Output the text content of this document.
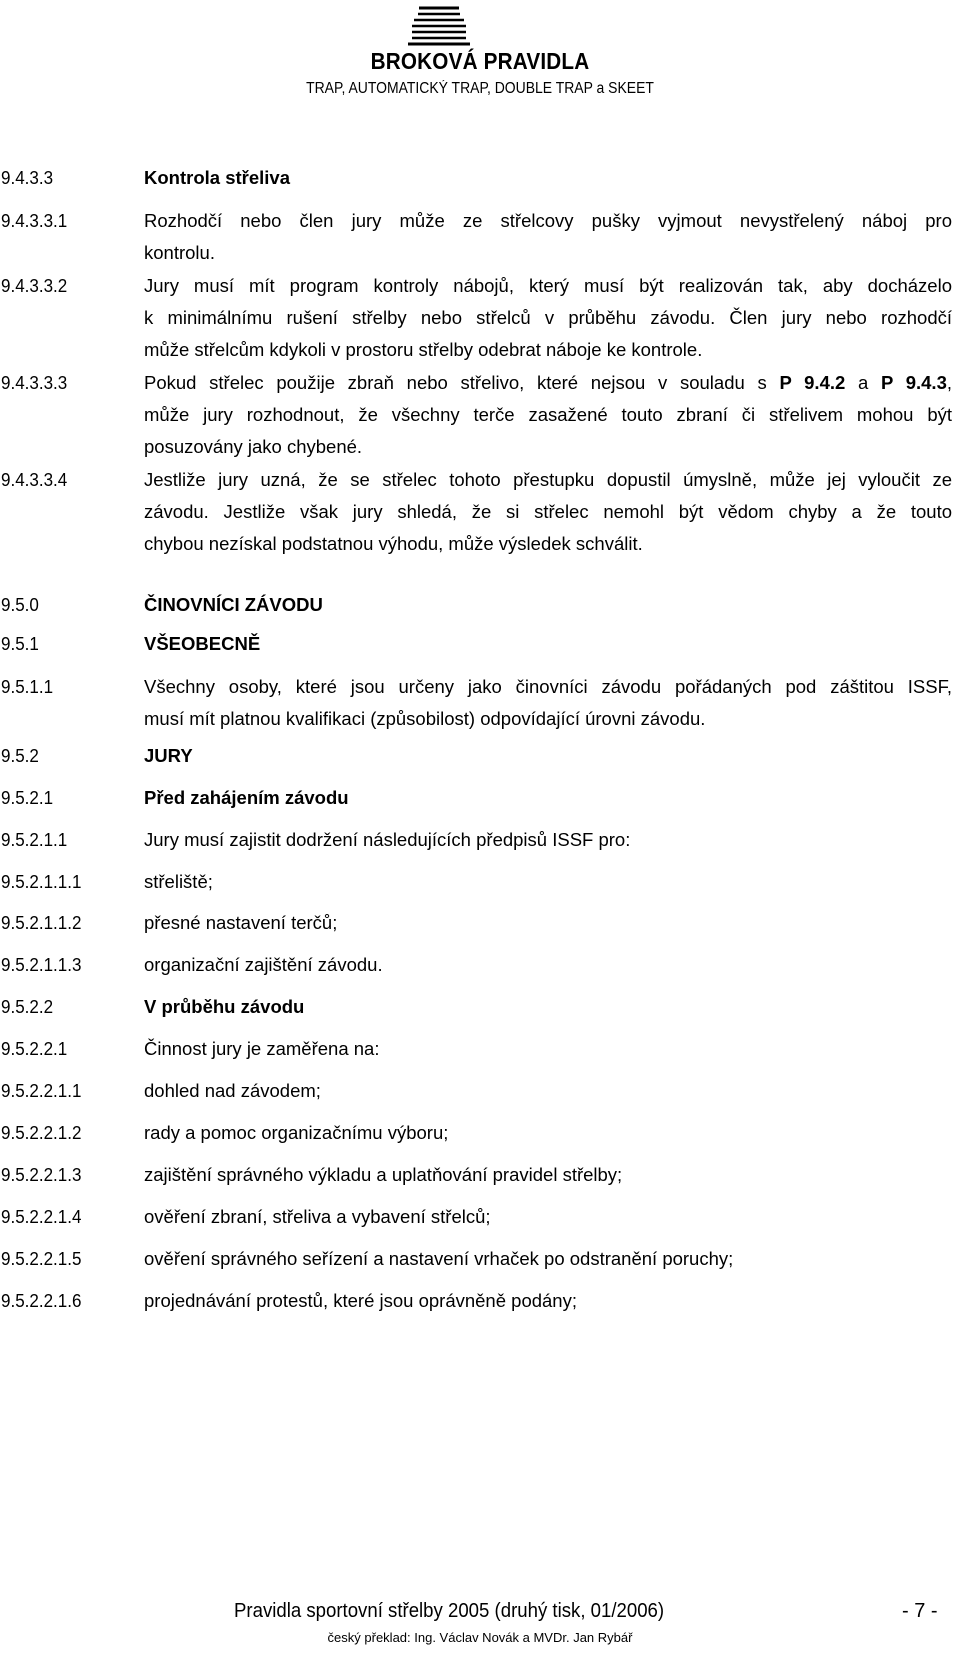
BROKOVÁ PRAVIDLA
TRAP, AUTOMATICKÝ TRAP, DOUBLE TRAP a SKEET
9.4.3.3	Kontrola střeliva
9.4.3.3.1	Rozhodčí nebo člen jury může ze střelcovy pušky vyjmout nevystřelený náboj pro
kontrolu.
9.4.3.3.2	Jury musí mít program kontroly nábojů, který musí být realizován tak, aby docházelo
k minimálnímu rušení střelby nebo střelců v průběhu závodu. Člen jury nebo rozhodčí
může střelcům kdykoli v prostoru střelby odebrat náboje ke kontrole.
9.4.3.3.3	Pokud střelec použije zbraň nebo střelivo, které nejsou v souladu s P 9.4.2 a P 9.4.3,
může jury rozhodnout, že všechny terče zasažené touto zbraní či střelivem mohou být
posuzovány jako chybené.
9.4.3.3.4	Jestliže jury uzná, že se střelec tohoto přestupku dopustil úmyslně, může jej vyloučit ze
závodu. Jestliže však jury shledá, že si střelec nemohl být vědom chyby a že touto
chybou nezískal podstatnou výhodu, může výsledek schválit.
9.5.0	ČINOVNÍCI ZÁVODU
9.5.1	VŠEOBECNĚ
9.5.1.1	Všechny osoby, které jsou určeny jako činovníci závodu pořádaných pod záštitou ISSF,
musí mít platnou kvalifikaci (způsobilost) odpovídající úrovni závodu.
9.5.2	JURY
9.5.2.1	Před zahájením závodu
9.5.2.1.1	Jury musí zajistit dodržení následujících předpisů ISSF pro:
9.5.2.1.1.1	střeliště;
9.5.2.1.1.2	přesné nastavení terčů;
9.5.2.1.1.3	organizační zajištění závodu.
9.5.2.2	V průběhu závodu
9.5.2.2.1	Činnost jury je zaměřena na:
9.5.2.2.1.1	dohled nad závodem;
9.5.2.2.1.2	rady a pomoc organizačnímu výboru;
9.5.2.2.1.3	zajištění správného výkladu a uplatňování pravidel střelby;
9.5.2.2.1.4	ověření zbraní, střeliva a vybavení střelců;
9.5.2.2.1.5	ověření správného seřízení a nastavení vrhaček po odstranění poruchy;
9.5.2.2.1.6	projednávání protestů, které jsou oprávněně podány;
Pravidla sportovní střelby 2005 (druhý tisk, 01/2006)	- 7 -
český překlad: Ing. Václav Novák a MVDr. Jan Rybář
